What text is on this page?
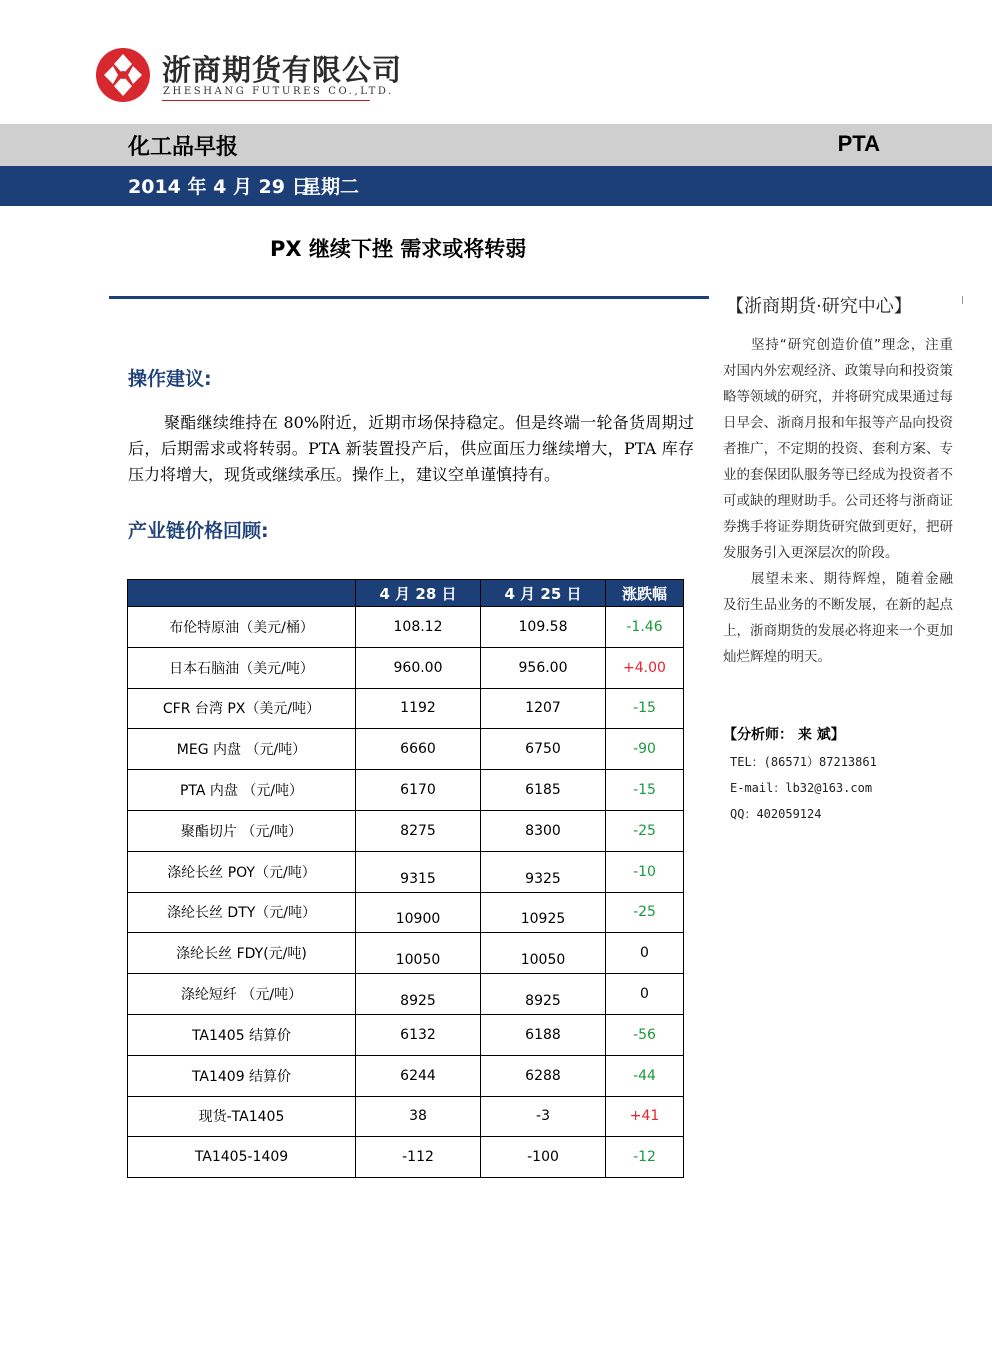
浙商期货有限公司
ZHESHANG FUTURES CO.,LTD.
化工品早报	PTA
2014 年 4 月 29 日
星期二
PX 继续下挫 需求或将转弱
操作建议:
聚酯继续维持在 80%附近，近期市场保持稳定。但是终端一轮备货周期过后，后期需求或将转弱。PTA 新装置投产后，供应面压力继续增大，PTA 库存压力将增大，现货或继续承压。操作上，建议空单谨慎持有。
产业链价格回顾:
	4 月 28 日	4 月 25 日	涨跌幅
布伦特原油（美元/桶）	108.12	109.58	-1.46
日本石脑油（美元/吨）	960.00	956.00	+4.00
CFR 台湾 PX（美元/吨）	1192	1207	-15
MEG 内盘 （元/吨）	6660	6750	-90
PTA 内盘 （元/吨）	6170	6185	-15
聚酯切片 （元/吨）	8275	8300	-25
涤纶长丝 POY（元/吨）	9315	9325	-10
涤纶长丝 DTY（元/吨）	10900	10925	-25
涤纶长丝 FDY(元/吨)	10050	10050	0
涤纶短纤 （元/吨）	8925	8925	0
TA1405 结算价	6132	6188	-56
TA1409 结算价	6244	6288	-44
现货-TA1405	38	-3	+41
TA1405-1409	-112	-100	-12
【浙商期货·研究中心】

坚持“研究创造价值”理念，注重对国内外宏观经济、政策导向和投资策略等领域的研究，并将研究成果通过每日早会、浙商月报和年报等产品向投资者推广，不定期的投资、套利方案、专业的套保团队服务等已经成为投资者不可或缺的理财助手。公司还将与浙商证券携手将证券期货研究做到更好，把研发服务引入更深层次的阶段。

展望未来、期待辉煌，随着金融及衍生品业务的不断发展，在新的起点上，浙商期货的发展必将迎来一个更加灿烂辉煌的明天。

【分析师： 来 斌】
TEL：(86571）87213861
E-mail：lb32@163.com
QQ：402059124
